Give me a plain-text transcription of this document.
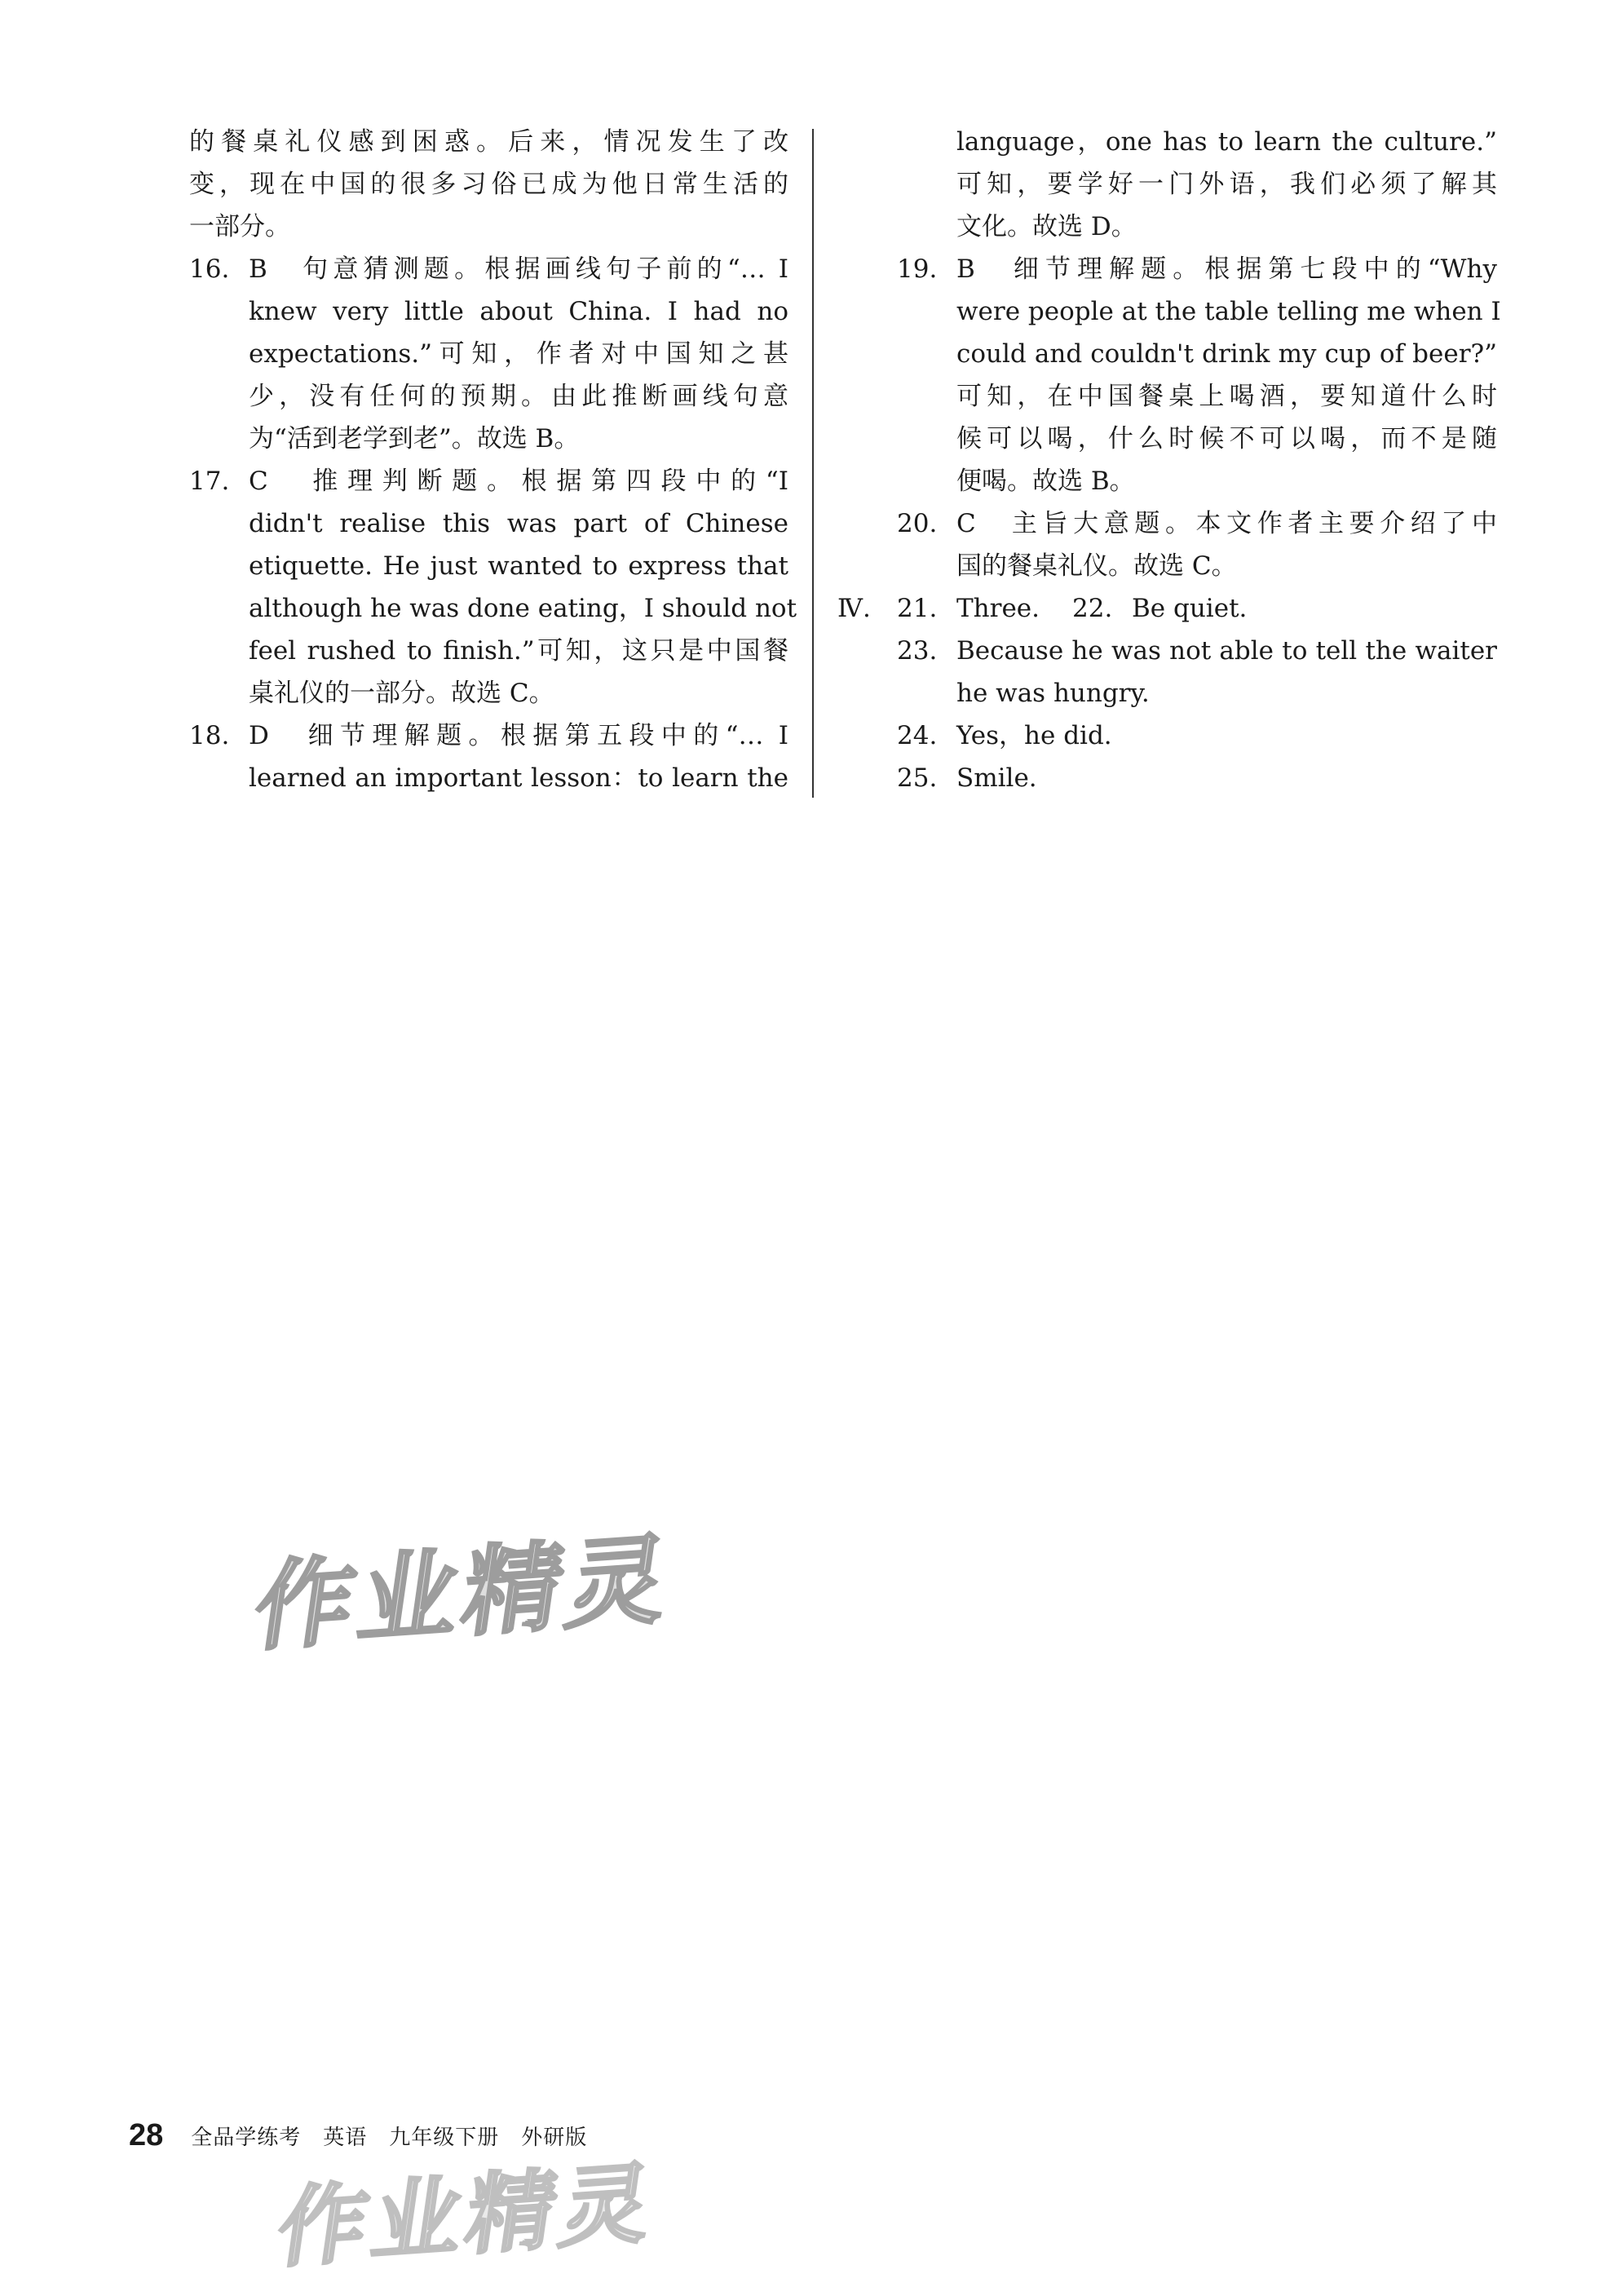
的餐桌礼仪感到困惑。后来，情况发生了改
变，现在中国的很多习俗已成为他日常生活的
一部分。
16. B　句意猜测题。根据画线句子前的“… I
knew very little about China. I had no
expectations.”可知，作者对中国知之甚
少，没有任何的预期。由此推断画线句意
为“活到老学到老”。故选 B。
17. C　推理判断题。根据第四段中的“I
didn't realise this was part of Chinese
etiquette. He just wanted to express that
although he was done eating，I should not
feel rushed to finish.”可知，这只是中国餐
桌礼仪的一部分。故选 C。
18. D　细节理解题。根据第五段中的“… I
learned an important lesson：to learn the
language，one has to learn the culture.”
可知，要学好一门外语，我们必须了解其
文化。故选 D。
19. B　细节理解题。根据第七段中的“Why
were people at the table telling me when I
could and couldn't drink my cup of beer?”
可知，在中国餐桌上喝酒，要知道什么时
候可以喝，什么时候不可以喝，而不是随
便喝。故选 B。
20. C　主旨大意题。本文作者主要介绍了中
国的餐桌礼仪。故选 C。
Ⅳ.	21. Three. 22. Be quiet.
23. Because he was not able to tell the waiter
he was hungry.
24. Yes，he did.
25. Smile.
作业精灵
28 全品学练考　英语　九年级下册　外研版
作业精灵
